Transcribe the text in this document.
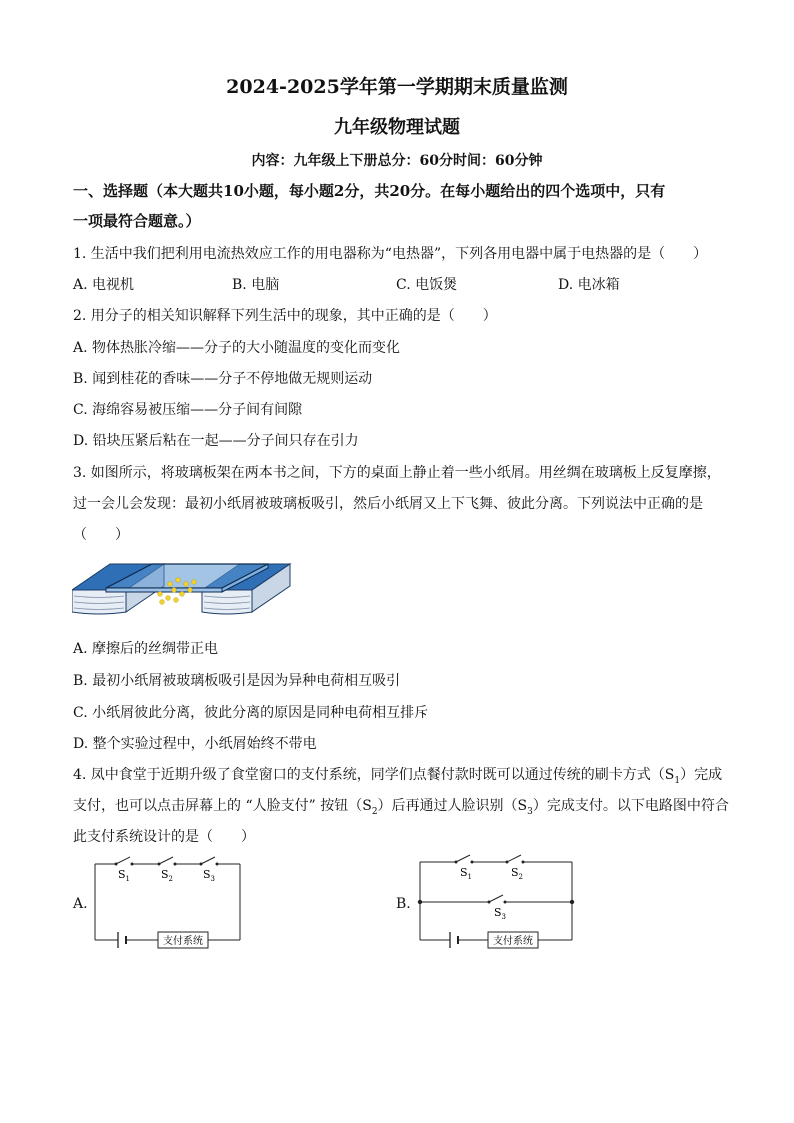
2024-2025学年第一学期期末质量监测
九年级物理试题
内容：九年级上下册总分：60分时间：60分钟
一、选择题（本大题共10小题，每小题2分，共20分。在每小题给出的四个选项中，只有
一项最符合题意。）
1. 生活中我们把利用电流热效应工作的用电器称为“电热器”，下列各用电器中属于电热器的是（　　）
A. 电视机	B. 电脑	C. 电饭煲	D. 电冰箱
2. 用分子的相关知识解释下列生活中的现象，其中正确的是（　　）
A. 物体热胀冷缩——分子的大小随温度的变化而变化
B. 闻到桂花的香味——分子不停地做无规则运动
C. 海绵容易被压缩——分子间有间隙
D. 铅块压紧后粘在一起——分子间只存在引力
3. 如图所示，将玻璃板架在两本书之间，下方的桌面上静止着一些小纸屑。用丝绸在玻璃板上反复摩擦，
过一会儿会发现：最初小纸屑被玻璃板吸引，然后小纸屑又上下飞舞、彼此分离。下列说法中正确的是
（　　）
A. 摩擦后的丝绸带正电
B. 最初小纸屑被玻璃板吸引是因为异种电荷相互吸引
C. 小纸屑彼此分离，彼此分离的原因是同种电荷相互排斥
D. 整个实验过程中，小纸屑始终不带电
4. 凤中食堂于近期升级了食堂窗口的支付系统，同学们点餐付款时既可以通过传统的刷卡方式$(S_1)$完成
支付，也可以点击屏幕上的 “人脸支付” 按钮$(S_2)$后再通过人脸识别$(S_3)$完成支付。以下电路图中符合
此支付系统设计的是（　　）
A.
支付系统
$S_1$	$S_2$	$S_3$
B.
支付系统
$S_1$	$S_2$
$S_3$
